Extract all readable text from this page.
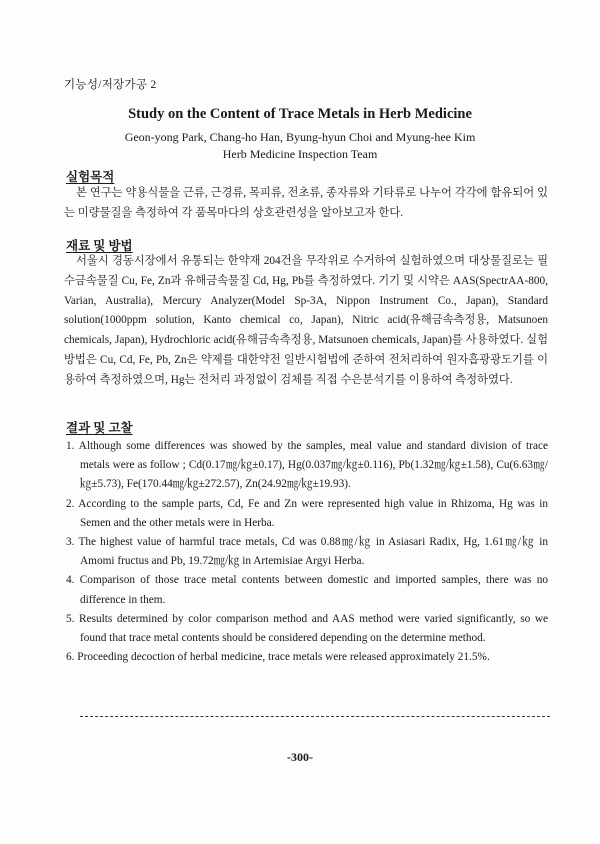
기능성/저장가공 2
Study on the Content of Trace Metals in Herb Medicine
Geon-yong Park, Chang-ho Han, Byung-hyun Choi and Myung-hee Kim
Herb Medicine Inspection Team
실험목적

본 연구는 약용식물을 근류, 근경류, 목피류, 전초류, 종자류와 기타류로 나누어 각각에 함유되어 있는 미량물질을 측정하여 각 품목마다의 상호관련성을 알아보고자 한다.

재료 및 방법

서울시 경동시장에서 유통되는 한약재 204건을 무작위로 수거하여 실험하였으며 대상물질로는 필수금속물질 Cu, Fe, Zn과 유해금속물질 Cd, Hg, Pb를 측정하였다. 기기 및 시약은 AAS(SpectrAA-800, Varian, Australia), Mercury Analyzer(Model Sp-3A, Nippon Instrument Co., Japan), Standard solution(1000ppm solution, Kanto chemical co, Japan), Nitric acid(유해금속측정용, Matsunoen chemicals, Japan), Hydrochloric acid(유해금속측정용, Matsunoen chemicals, Japan)를 사용하였다. 실험방법은 Cu, Cd, Fe, Pb, Zn은 약제를 대한약전 일반시험법에 준하여 전처리하여 원자흡광광도기를 이용하여 측정하였으며, Hg는 전처리 과정없이 검체를 직접 수은분석기를 이용하여 측정하였다.

결과 및 고찰
1. Although some differences was showed by the samples, meal value and standard division of trace metals were as follow ; Cd(0.17㎎/㎏±0.17), Hg(0.037㎎/㎏±0.116), Pb(1.32㎎/㎏±1.58), Cu(6.63㎎/㎏±5.73), Fe(170.44㎎/㎏±272.57), Zn(24.92㎎/㎏±19.93).
2. According to the sample parts, Cd, Fe and Zn were represented high value in Rhizoma, Hg was in Semen and the other metals were in Herba.
3. The highest value of harmful trace metals, Cd was 0.88㎎/㎏ in Asiasari Radix, Hg, 1.61㎎/㎏ in Amomi fructus and Pb, 19.72㎎/㎏ in Artemisiae Argyi Herba.
4. Comparison of those trace metal contents between domestic and imported samples, there was no difference in them.
5. Results determined by color comparison method and AAS method were varied significantly, so we found that trace metal contents should be considered depending on the determine method.
6. Proceeding decoction of herbal medicine, trace metals were released approximately 21.5%.
-300-
